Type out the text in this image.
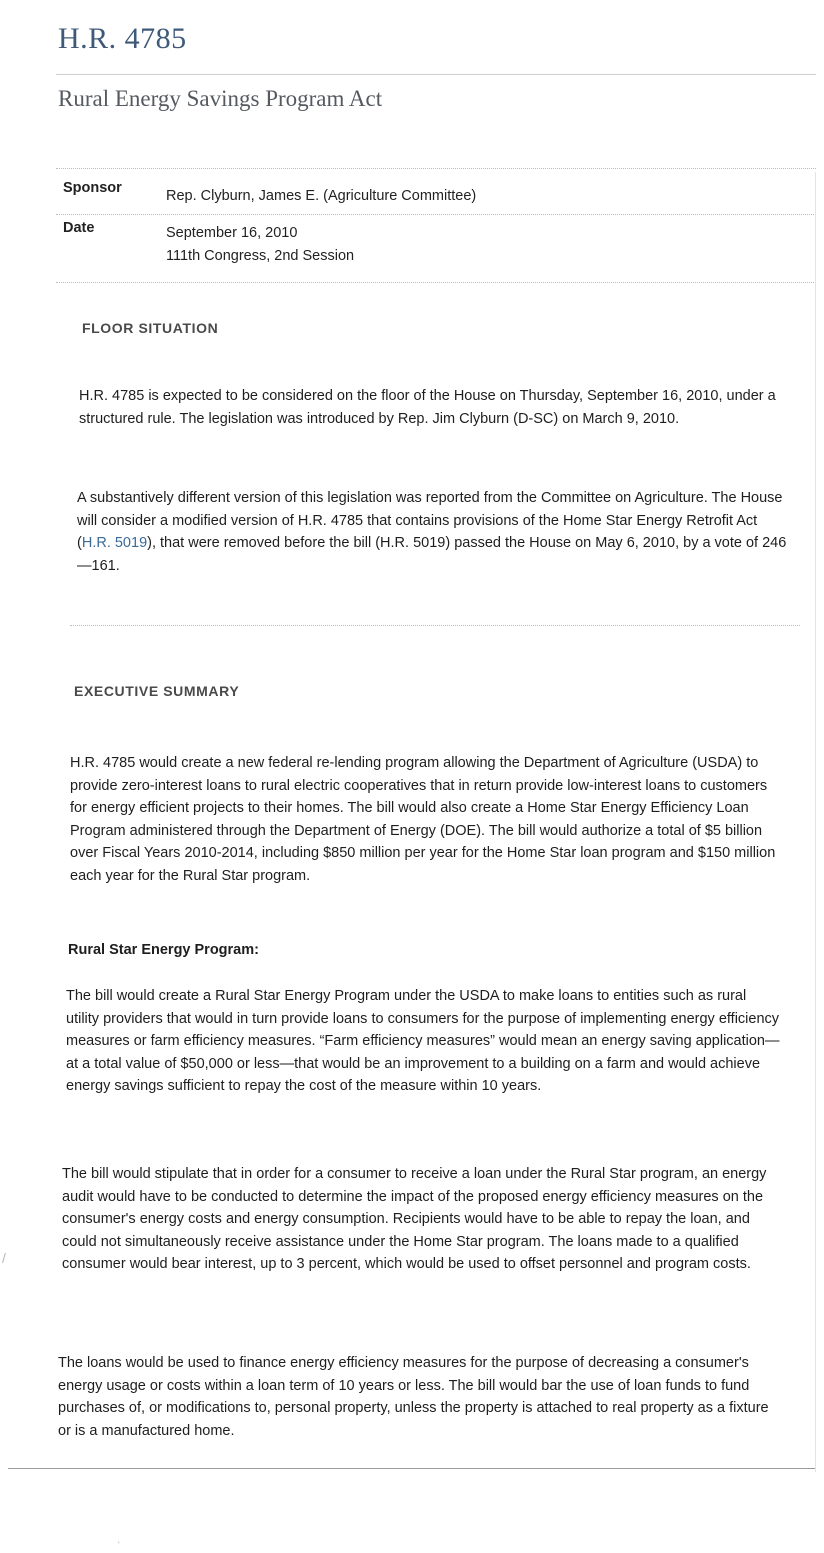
H.R. 4785
Rural Energy Savings Program Act
Sponsor	Rep. Clyburn, James E. (Agriculture Committee)
Date	September 16, 2010
111th Congress, 2nd Session
FLOOR SITUATION

H.R. 4785 is expected to be considered on the floor of the House on Thursday, September 16, 2010, under a structured rule. The legislation was introduced by Rep. Jim Clyburn (D-SC) on March 9, 2010.

A substantively different version of this legislation was reported from the Committee on Agriculture. The House will consider a modified version of H.R. 4785 that contains provisions of the Home Star Energy Retrofit Act (H.R. 5019), that were removed before the bill (H.R. 5019) passed the House on May 6, 2010, by a vote of 246—161.

EXECUTIVE SUMMARY

H.R. 4785 would create a new federal re-lending program allowing the Department of Agriculture (USDA) to provide zero-interest loans to rural electric cooperatives that in return provide low-interest loans to customers for energy efficient projects to their homes. The bill would also create a Home Star Energy Efficiency Loan Program administered through the Department of Energy (DOE). The bill would authorize a total of $5 billion over Fiscal Years 2010-2014, including $850 million per year for the Home Star loan program and $150 million each year for the Rural Star program.

Rural Star Energy Program:

The bill would create a Rural Star Energy Program under the USDA to make loans to entities such as rural utility providers that would in turn provide loans to consumers for the purpose of implementing energy efficiency measures or farm efficiency measures. “Farm efficiency measures” would mean an energy saving application—at a total value of $50,000 or less—that would be an improvement to a building on a farm and would achieve energy savings sufficient to repay the cost of the measure within 10 years.

The bill would stipulate that in order for a consumer to receive a loan under the Rural Star program, an energy audit would have to be conducted to determine the impact of the proposed energy efficiency measures on the consumer's energy costs and energy consumption. Recipients would have to be able to repay the loan, and could not simultaneously receive assistance under the Home Star program. The loans made to a qualified consumer would bear interest, up to 3 percent, which would be used to offset personnel and program costs.

The loans would be used to finance energy efficiency measures for the purpose of decreasing a consumer's energy usage or costs within a loan term of 10 years or less. The bill would bar the use of loan funds to fund purchases of, or modifications to, personal property, unless the property is attached to real property as a fixture or is a manufactured home.

/
'
